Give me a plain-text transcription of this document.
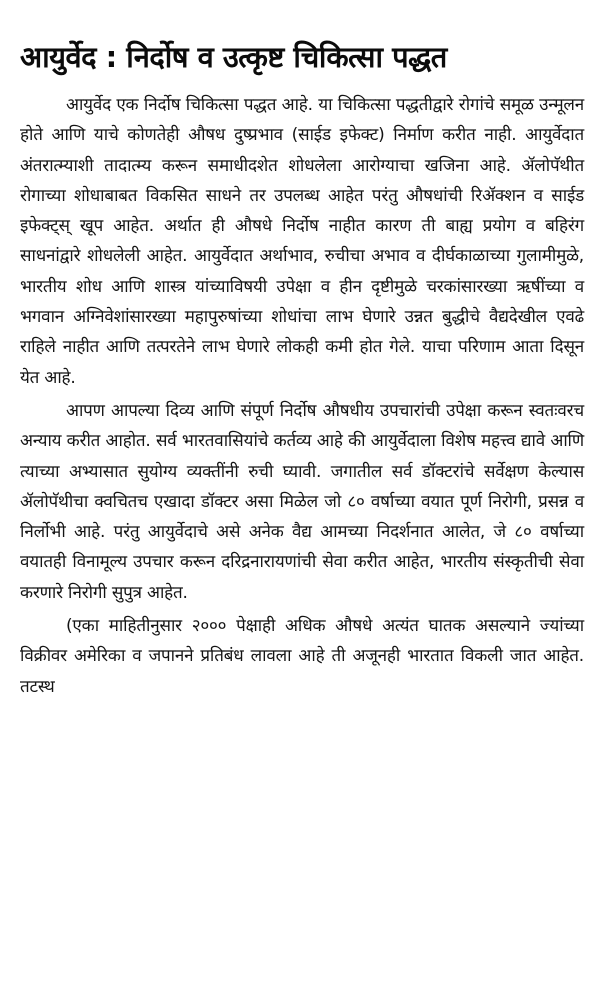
आयुर्वेद : निर्दोष व उत्कृष्ट चिकित्सा पद्धत

आयुर्वेद एक निर्दोष चिकित्सा पद्धत आहे. या चिकित्सा पद्धतीद्वारे रोगांचे समूळ उन्मूलन होते आणि याचे कोणतेही औषध दुष्प्रभाव (साईड इफेक्ट) निर्माण करीत नाही. आयुर्वेदात अंतरात्म्याशी तादात्म्य करून समाधीदशेत शोधलेला आरोग्याचा खजिना आहे. ॲलोपॅथीत रोगाच्या शोधाबाबत विकसित साधने तर उपलब्ध आहेत परंतु औषधांची रिॲक्शन व साईड इफेक्ट्‍स् खूप आहेत. अर्थात ही औषधे निर्दोष नाहीत कारण ती बाह्य प्रयोग व बहिरंग साधनांद्वारे शोधलेली आहेत. आयुर्वेदात अर्थाभाव, रुचीचा अभाव व दीर्घकाळाच्या गुलामीमुळे, भारतीय शोध आणि शास्त्र यांच्याविषयी उपेक्षा व हीन दृष्टीमुळे चरकांसारख्या ऋषींच्या व भगवान अग्निवेशांसारख्या महापुरुषांच्या शोधांचा लाभ घेणारे उन्नत बुद्धीचे वैद्यदेखील एवढे राहिले नाहीत आणि तत्परतेने लाभ घेणारे लोकही कमी होत गेले. याचा परिणाम आता दिसून येत आहे.

आपण आपल्या दिव्य आणि संपूर्ण निर्दोष औषधीय उपचारांची उपेक्षा करून स्वतःवरच अन्याय करीत आहोत. सर्व भारतवासियांचे कर्तव्य आहे की आयुर्वेदाला विशेष महत्त्व द्यावे आणि त्याच्या अभ्यासात सुयोग्य व्यक्तींनी रुची घ्यावी. जगातील सर्व डॉक्टरांचे सर्वेक्षण केल्यास ॲलोपॅथीचा क्वचितच एखादा डॉक्टर असा मिळेल जो ८० वर्षाच्या वयात पूर्ण निरोगी, प्रसन्न व निर्लोभी आहे. परंतु आयुर्वेदाचे असे अनेक वैद्य आमच्या निदर्शनात आलेत, जे ८० वर्षाच्या वयातही विनामूल्य उपचार करून दरिद्रनारायणांची सेवा करीत आहेत, भारतीय संस्कृतीची सेवा करणारे निरोगी सुपुत्र आहेत.

(एका माहितीनुसार २००० पेक्षाही अधिक औषधे अत्यंत घातक असल्याने ज्यांच्या विक्रीवर अमेरिका व जपानने प्रतिबंध लावला आहे ती अजूनही भारतात विकली जात आहेत. तटस्थ
